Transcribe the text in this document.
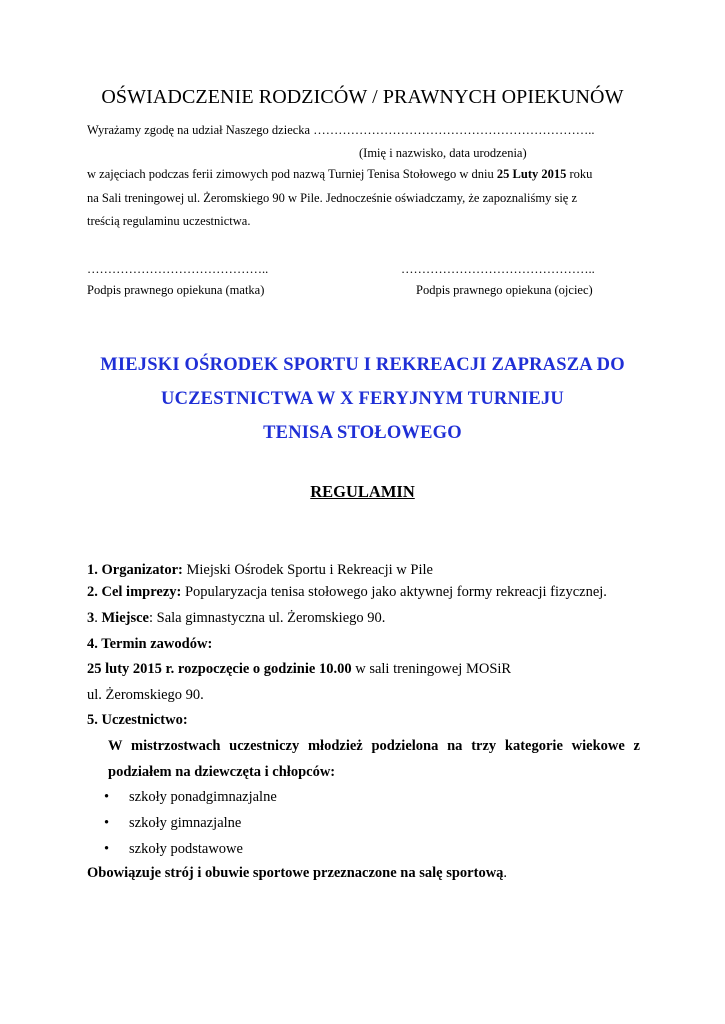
OŚWIADCZENIE RODZICÓW / PRAWNYCH OPIEKUNÓW
Wyrażamy zgodę na udział Naszego dziecka …………………………………………………………..
(Imię i nazwisko, data urodzenia)
w zajęciach podczas ferii zimowych pod nazwą Turniej Tenisa Stołowego w dniu 25 Luty 2015 roku
na Sali treningowej ul. Żeromskiego 90 w Pile. Jednocześnie oświadczamy, że zapoznaliśmy się z
treścią regulaminu uczestnictwa.
……………………………………..	………………………………………..
Podpis prawnego opiekuna (matka)	Podpis prawnego opiekuna (ojciec)
MIEJSKI OŚRODEK SPORTU I REKREACJI ZAPRASZA DO
UCZESTNICTWA W X FERYJNYM TURNIEJU
TENISA STOŁOWEGO
REGULAMIN
1. Organizator: Miejski Ośrodek Sportu i Rekreacji w Pile
2. Cel imprezy: Popularyzacja tenisa stołowego jako aktywnej formy rekreacji fizycznej.
3. Miejsce: Sala gimnastyczna ul. Żeromskiego 90.
4. Termin zawodów:
25 luty 2015 r. rozpoczęcie o godzinie 10.00 w sali treningowej MOSiR
ul. Żeromskiego 90.
5. Uczestnictwo:
W mistrzostwach uczestniczy młodzież podzielona na trzy kategorie wiekowe z
podziałem na dziewczęta i chłopców:
• szkoły ponadgimnazjalne
• szkoły gimnazjalne
• szkoły podstawowe
Obowiązuje strój i obuwie sportowe przeznaczone na salę sportową.
